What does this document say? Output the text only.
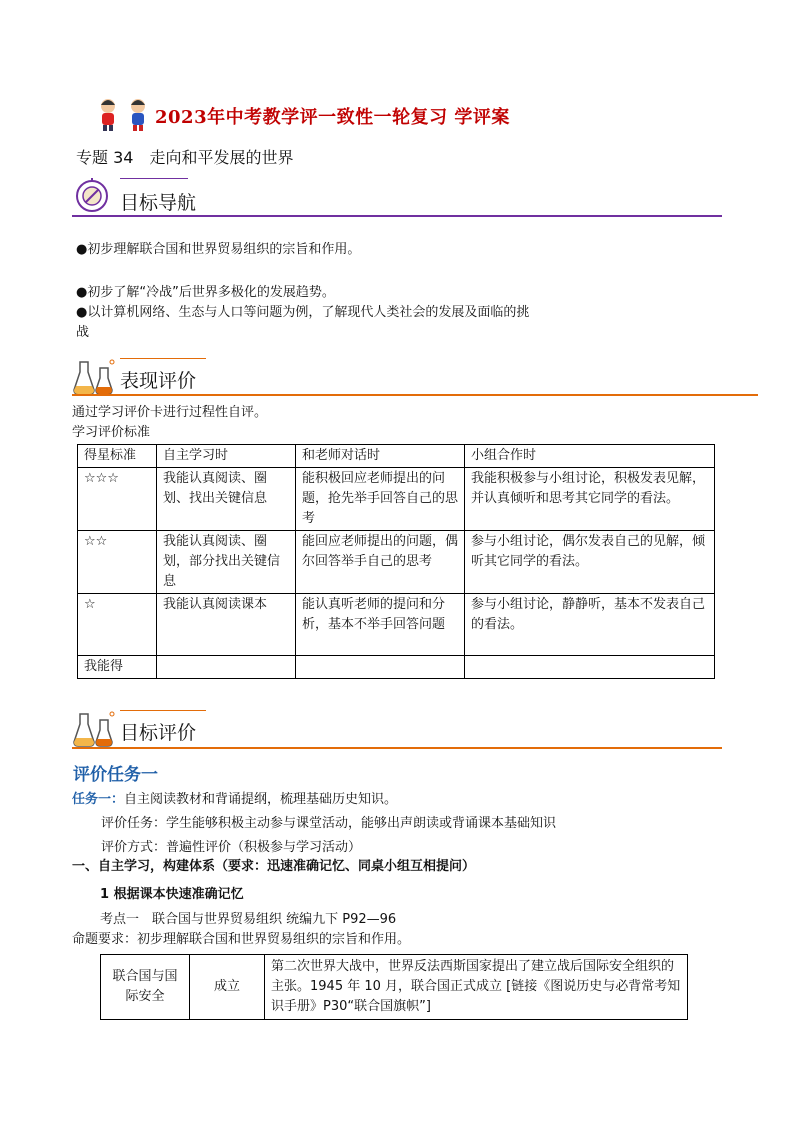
2023年中考教学评一致性一轮复习 学评案
专题 34　走向和平发展的世界
目标导航
●初步理解联合国和世界贸易组织的宗旨和作用。
●初步了解“冷战”后世界多极化的发展趋势。
●以计算机网络、生态与人口等问题为例，了解现代人类社会的发展及面临的挑
战
表现评价
通过学习评价卡进行过程性自评。
学习评价标准
得星标准	自主学习时	和老师对话时	小组合作时
☆☆☆	我能认真阅读、圈划、找出关键信息	能积极回应老师提出的问题，抢先举手回答自己的思考	我能积极参与小组讨论，积极发表见解，并认真倾听和思考其它同学的看法。
☆☆	我能认真阅读、圈划，部分找出关键信息	能回应老师提出的问题，偶尔回答举手自己的思考	参与小组讨论，偶尔发表自己的见解，倾听其它同学的看法。
☆	我能认真阅读课本	能认真听老师的提问和分析，基本不举手回答问题	参与小组讨论，静静听，基本不发表自己的看法。
我能得			
目标评价
评价任务一
任务一：自主阅读教材和背诵提纲，梳理基础历史知识。
评价任务：学生能够积极主动参与课堂活动，能够出声朗读或背诵课本基础知识
评价方式：普遍性评价（积极参与学习活动）
一、自主学习，构建体系（要求：迅速准确记忆、同桌小组互相提问）
1 根据课本快速准确记忆
考点一　联合国与世界贸易组织 统编九下 P92—96
命题要求：初步理解联合国和世界贸易组织的宗旨和作用。
联合国与国际安全	成立	第二次世界大战中，世界反法西斯国家提出了建立战后国际安全组织的主张。1945 年 10 月，联合国正式成立 [链接《图说历史与必背常考知识手册》P30“联合国旗帜”]
